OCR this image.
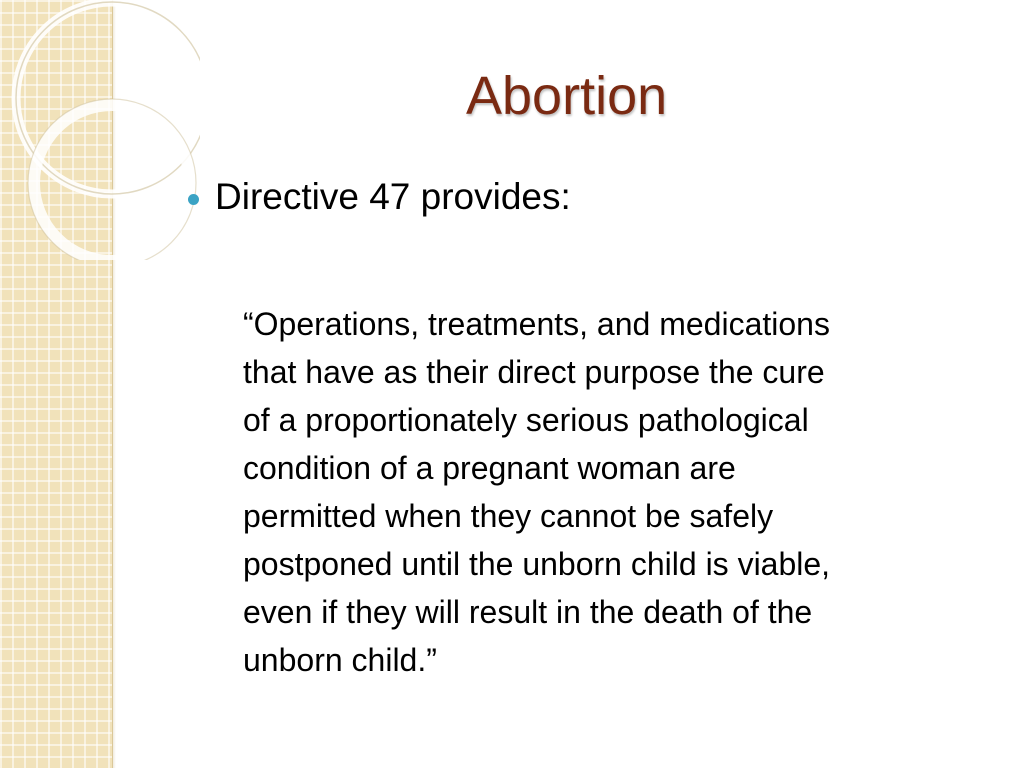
Abortion
Directive 47 provides:
“Operations, treatments, and medications
that have as their direct purpose the cure
of a proportionately serious pathological
condition of a pregnant woman are
permitted when they cannot be safely
postponed until the unborn child is viable,
even if they will result in the death of the
unborn child.”
